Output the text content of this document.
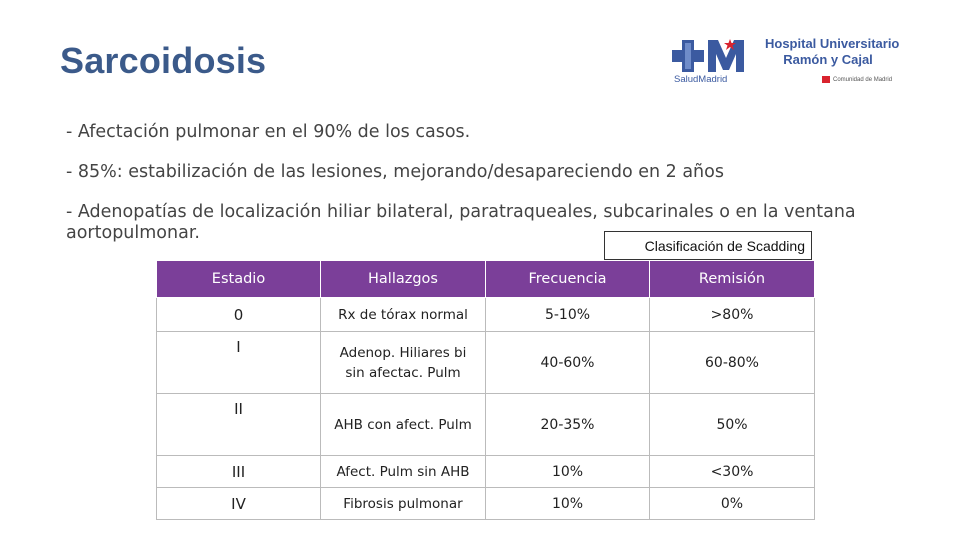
Sarcoidosis	Hospital Universitario
Ramón y Cajal
SaludMadrid	Comunidad de Madrid

- Afectación pulmonar en el 90% de los casos.

- 85%: estabilización de las lesiones, mejorando/desapareciendo en 2 años

- Adenopatías de localización hiliar bilateral, paratraqueales, subcarinales o en la ventana aortopulmonar.

Clasificación de Scadding
Estadio	Hallazgos	Frecuencia	Remisión
0	Rx de tórax normal	5-10%	>80%
I	Adenop. Hiliares bi sin afectac. Pulm	40-60%	60-80%
II	AHB con afect. Pulm	20-35%	50%
III	Afect. Pulm sin AHB	10%	<30%
IV	Fibrosis pulmonar	10%	0%
